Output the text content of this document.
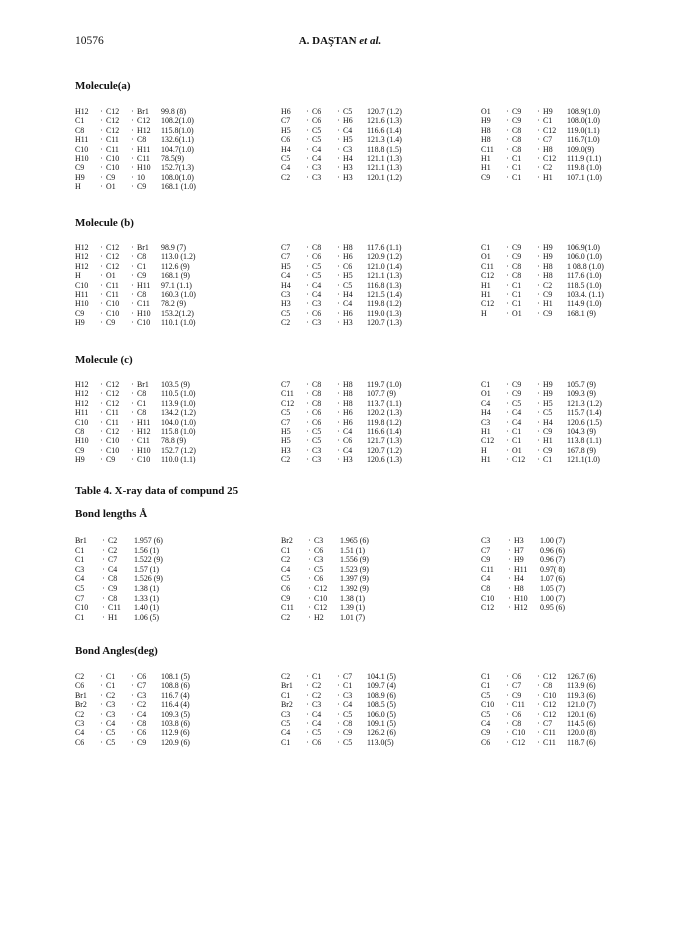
10576	A. DAŞTAN et al.
Molecule(a)
H12 · C12 · Br1 99.8 (8)
C1 · C12 · C12 108.2(1.0)
C8 · C12 · H12 115.8(1.0)
H11 · C11 · C8 132.6(1.1)
C10 · C11 · H11 104.7(1.0)
H10 · C10 · C11 78.5(9)
C9 · C10 · H10 152.7(1.3)
H9 · C9 · 10 108.0(1.0)
H · O1 · C9 168.1 (1.0)
H6 · C6 · C5 120.7 (1.2)
C7 · C6 · H6 121.6 (1.3)
H5 · C5 · C4 116.6 (1.4)
C6 · C5 · H5 121.3 (1.4)
H4 · C4 · C3 118.8 (1.5)
C5 · C4 · H4 121.1 (1.3)
C4 · C3 · H3 121.1 (1.3)
C2 · C3 · H3 120.1 (1.2)
O1 · C9 · H9 108.9(1.0)
H9 · C9 · C1 108.0(1.0)
H8 · C8 · C12 119.0(1.1)
H8 · C8 · C7 116.7(1.0)
C11 · C8 · H8 109.0(9)
H1 · C1 · C12 111.9 (1.1)
H1 · C1 · C2 119.8 (1.0)
C9 · C1 · H1 107.1 (1.0)
Molecule (b)
H12 · C12 · Br1 98.9 (7)
H12 · C12 · C8 113.0 (1.2)
H12 · C12 · C1 112.6 (9)
H · O1 · C9 168.1 (9)
C10 · C11 · H11 97.1 (1.1)
H11 · C11 · C8 160.3 (1.0)
H10 · C10 · C11 78.2 (9)
C9 · C10 · H10 153.2(1.2)
H9 · C9 · C10 110.1 (1.0)
C7 · C8 · H8 117.6 (1.1)
C7 · C6 · H6 120.9 (1.2)
H5 · C5 · C6 121.0 (1.4)
C4 · C5 · H5 121.1 (1.3)
H4 · C4 · C5 116.8 (1.3)
C3 · C4 · H4 121.5 (1.4)
H3 · C3 · C4 119.8 (1.2)
C5 · C6 · H6 119.0 (1.3)
C2 · C3 · H3 120.7 (1.3)
C1 · C9 · H9 106.9(1.0)
O1 · C9 · H9 106.0 (1.0)
C11 · C8 · H8 1 08.8 (1.0)
C12 · C8 · H8 117.6 (1.0)
H1 · C1 · C2 118.5 (1.0)
H1 · C1 · C9 103.4. (1.1)
C12 · C1 · H1 114.9 (1.0)
H · O1 · C9 168.1 (9)
Molecule (c)
H12 · C12 · Br1 103.5 (9)
H12 · C12 · C8 110.5 (1.0)
H12 · C12 · C1 113.9 (1.0)
H11 · C11 · C8 134.2 (1.2)
C10 · C11 · H11 104.0 (1.0)
C8 · C12 · H12 115.8 (1.0)
H10 · C10 · C11 78.8 (9)
C9 · C10 · H10 152.7 (1.2)
H9 · C9 · C10 110.0 (1.1)
C7 · C8 · H8 119.7 (1.0)
C11 · C8 · H8 107.7 (9)
C12 · C8 · H8 113.7 (1.1)
C5 · C6 · H6 120.2 (1.3)
C7 · C6 · H6 119.8 (1.2)
H5 · C5 · C4 116.6 (1.4)
H5 · C5 · C6 121.7 (1.3)
H3 · C3 · C4 120.7 (1.2)
C2 · C3 · H3 120.6 (1.3)
C1 · C9 · H9 105.7 (9)
O1 · C9 · H9 109.3 (9)
C4 · C5 · H5 121.3 (1.2)
H4 · C4 · C5 115.7 (1.4)
C3 · C4 · H4 120.6 (1.5)
H1 · C1 · C9 104.3 (9)
C12 · C1 · H1 113.8 (1.1)
H · O1 · C9 167.8 (9)
H1 · C12 · C1 121.1(1.0)
Table 4. X-ray data of compund 25
Bond lengths Å
Br1 · C2 1.957 (6)
C1 · C2 1.56 (1)
C1 · C7 1.522 (9)
C3 · C4 1.57 (1)
C4 · C8 1.526 (9)
C5 · C9 1.38 (1)
C7 · C8 1.33 (1)
C10 · C11 1.40 (1)
C1 · H1 1.06 (5)
Br2 · C3 1.965 (6)
C1 · C6 1.51 (1)
C2 · C3 1.556 (9)
C4 · C5 1.523 (9)
C5 · C6 1.397 (9)
C6 · C12 1.392 (9)
C9 · C10 1.38 (1)
C11 · C12 1.39 (1)
C2 · H2 1.01 (7)
C3 · H3 1.00 (7)
C7 · H7 0.96 (6)
C9 · H9 0.96 (7)
C11 · H11 0.97( 8)
C4 · H4 1.07 (6)
C8 · H8 1.05 (7)
C10 · H10 1.00 (7)
C12 · H12 0.95 (6)
Bond Angles(deg)
C2 · C1 · C6 108.1 (5)
C6 · C1 · C7 108.8 (6)
Br1 · C2 · C3 116.7 (4)
Br2 · C3 · C2 116.4 (4)
C2 · C3 · C4 109.3 (5)
C3 · C4 · C8 103.8 (6)
C4 · C5 · C6 112.9 (6)
C6 · C5 · C9 120.9 (6)
C2 · C1 · C7 104.1 (5)
Br1 · C2 · C1 109.7 (4)
C1 · C2 · C3 108.9 (6)
Br2 · C3 · C4 108.5 (5)
C3 · C4 · C5 106.0 (5)
C5 · C4 · C8 109.1 (5)
C4 · C5 · C9 126.2 (6)
C1 · C6 · C5 113.0(5)
C1 · C6 · C12 126.7 (6)
C1 · C7 · C8 113.9 (6)
C5 · C9 · C10 119.3 (6)
C10 · C11 · C12 121.0 (7)
C5 · C6 · C12 120.1 (6)
C4 · C8 · C7 114.5 (6)
C9 · C10 · C11 120.0 (8)
C6 · C12 · C11 118.7 (6)
